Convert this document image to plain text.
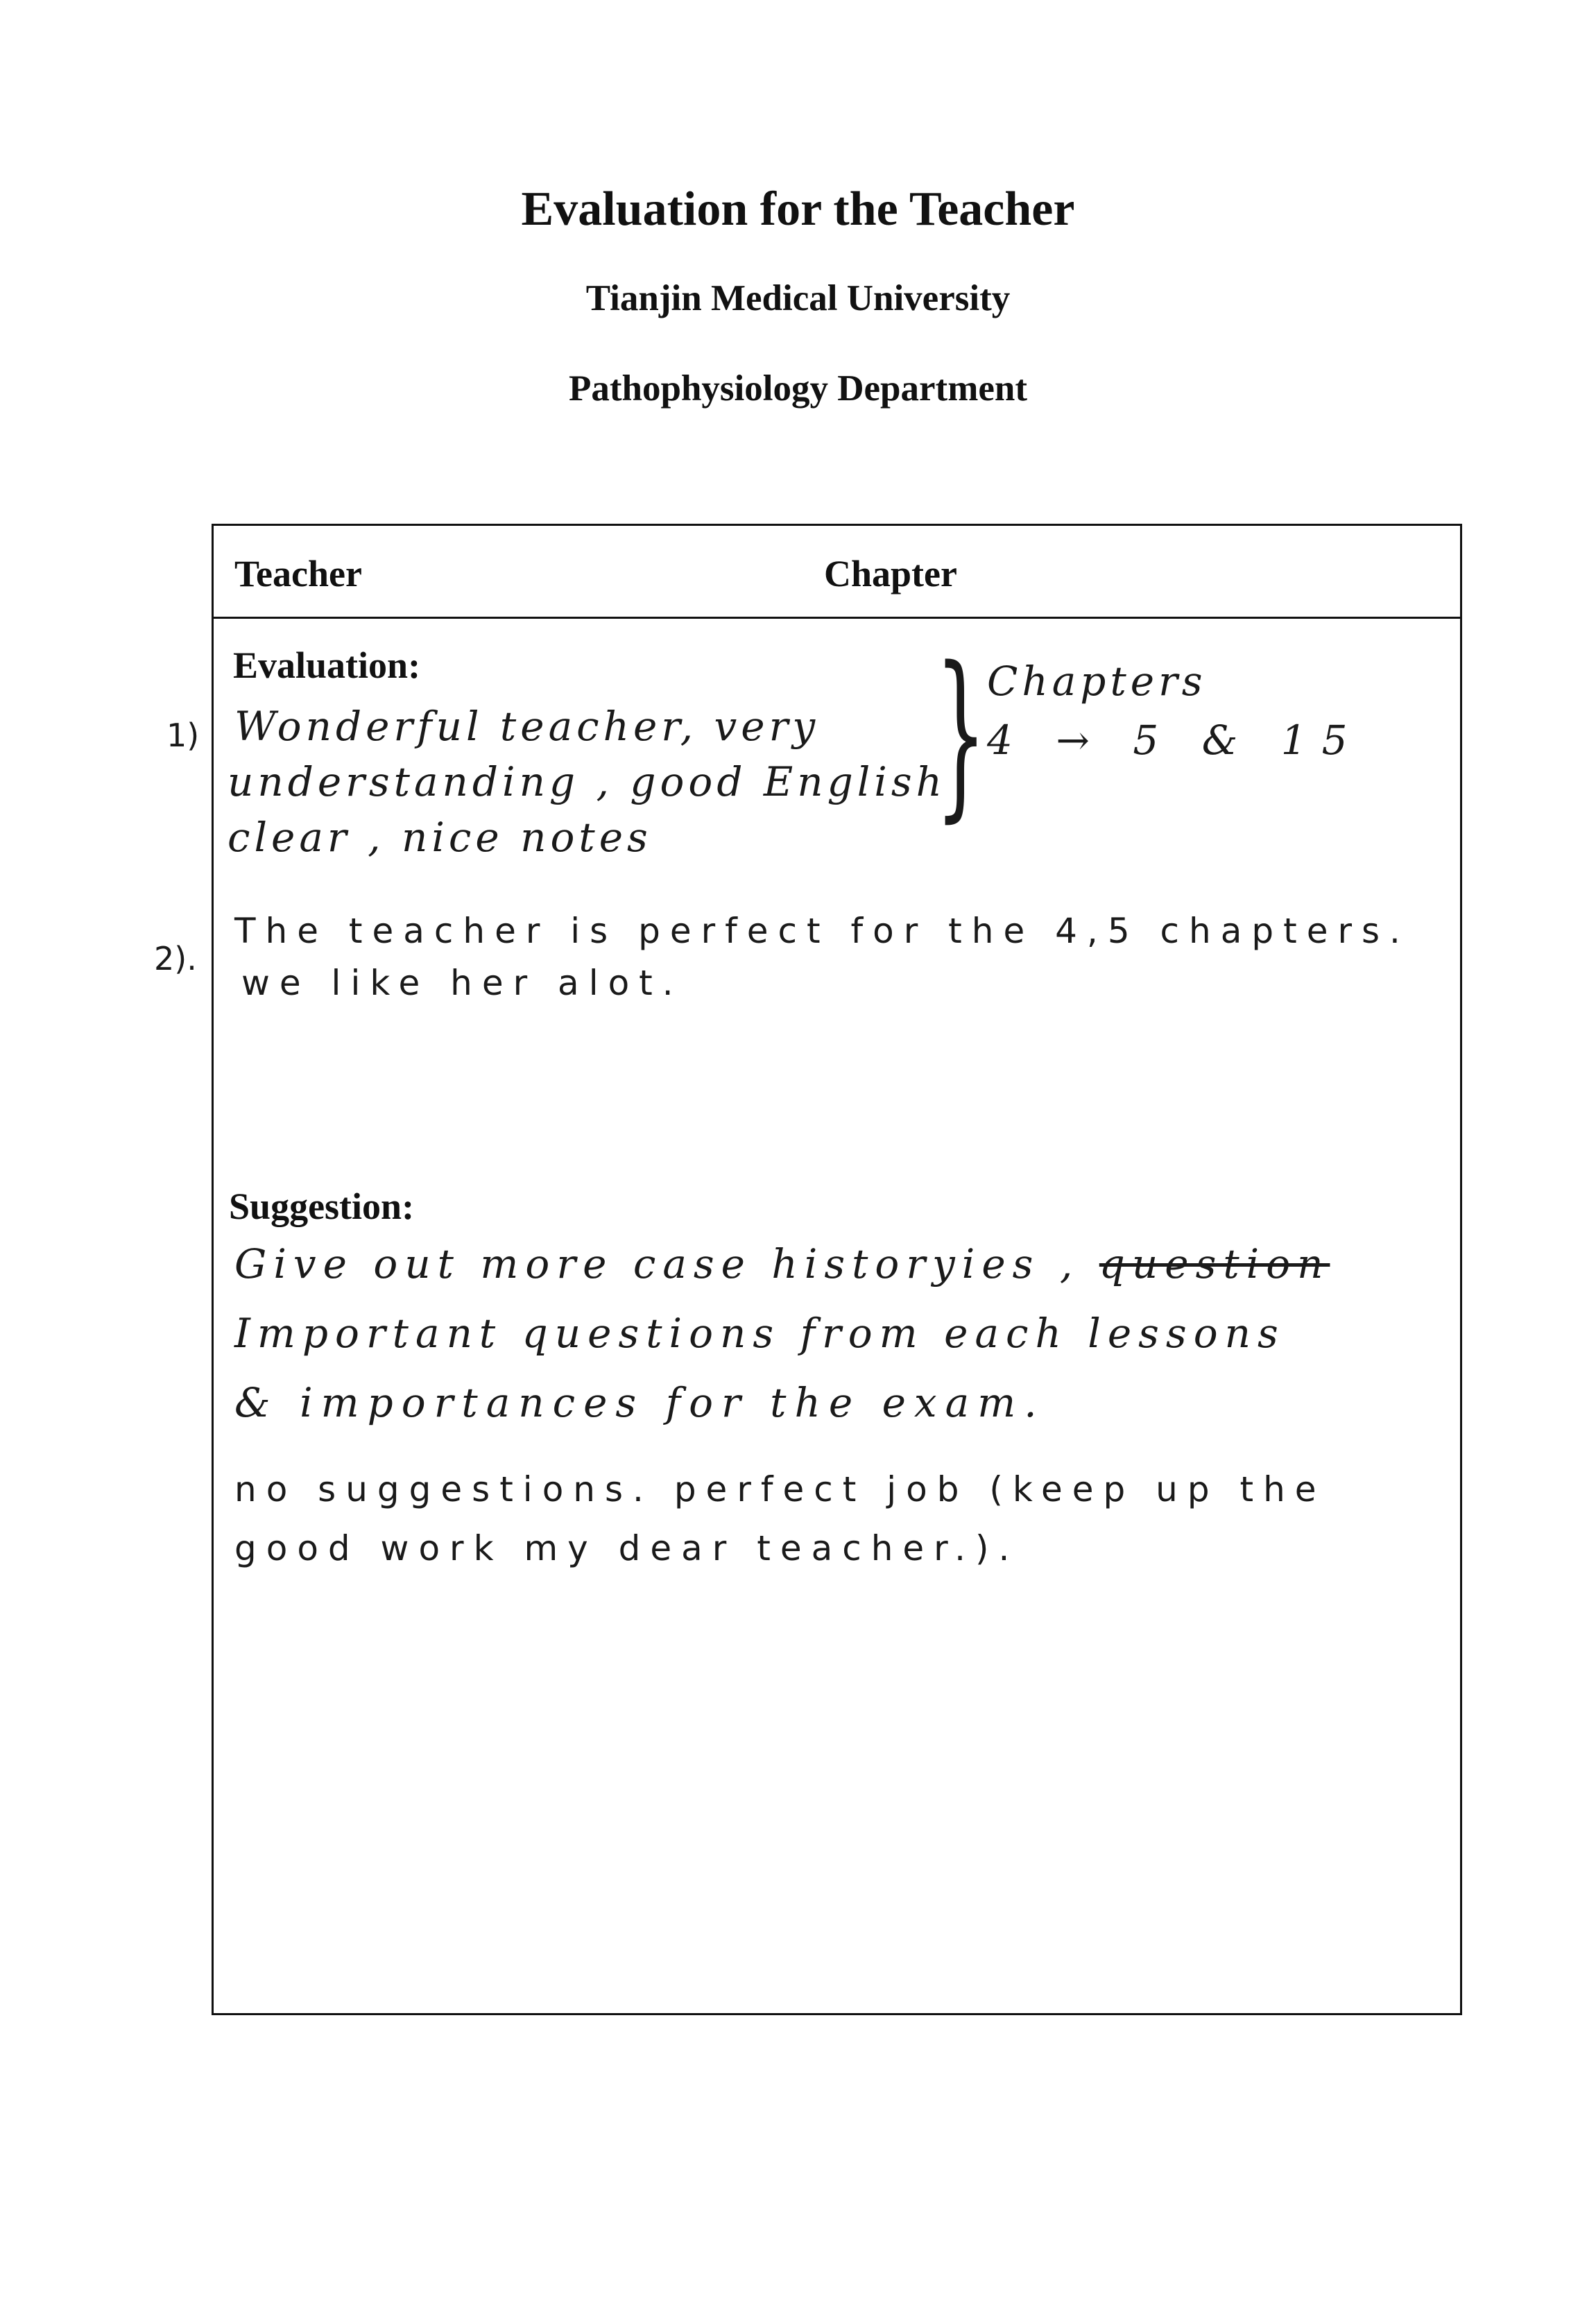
Evaluation for the Teacher
Tianjin Medical University
Pathophysiology Department
Teacher	Chapter
Evaluation:
Wonderful teacher, very
understanding , good English
clear , nice notes } Chapters
4 → 5 & 15
The teacher is perfect for the 4,5 chapters.
we like her alot.
Suggestion:
Give out more case historyies , question
Important questions from each lessons
& importances for the exam.
no suggestions. perfect job (keep up the
good work my dear teacher.).
1)
2).
